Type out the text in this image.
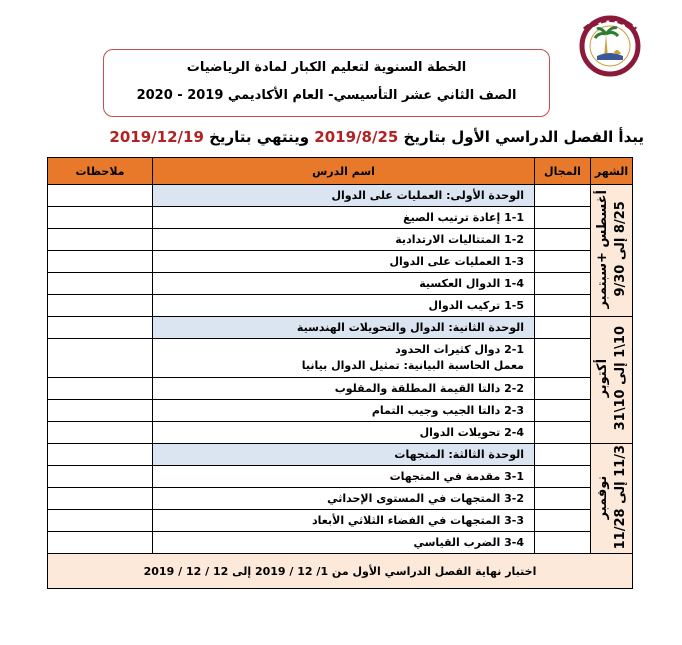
الخطة السنوية لتعليم الكبار لمادة الرياضيات
الصف الثاني عشر التأسيسي- العام الأكاديمي 2019 - 2020
يبدأ الفصل الدراسي الأول بتاريخ 2019/8/25 وينتهي بتاريخ 2019/12/19
الشهر	المجال	اسم الدرس	ملاحظات
أغسطس +سبتمبر 8/25 إلى 9/30		الوحدة الأولى: العمليات على الدوال	
		1-1 إعادة ترتيب الصيغ	
		1-2 المتتاليات الارتدادية	
		1-3 العمليات على الدوال	
		1-4 الدوال العكسية	
		1-5 تركيب الدوال	
أكتوبر
10\1 إلى 10\31		الوحدة الثانية: الدوال والتحويلات الهندسية	

		2-1 دوال كثيرات الحدود
معمل الحاسبة البيانية: تمثيل الدوال بيانيا	

		2-2 دالتا القيمة المطلقة والمقلوب	
		2-3 دالتا الجيب وجيب التمام	
		2-4 تحويلات الدوال	
نوفمبر
11/3 إلى 11/28		الوحدة الثالثة: المتجهات	
		3-1 مقدمة في المتجهات	
		3-2 المتجهات في المستوى الإحداثي	
		3-3 المتجهات في الفضاء الثلاثي الأبعاد	
		3-4 الضرب القياسي	
اختبار نهاية الفصل الدراسي الأول من 1/ 12 / 2019 إلى 12 / 12 / 2019			
